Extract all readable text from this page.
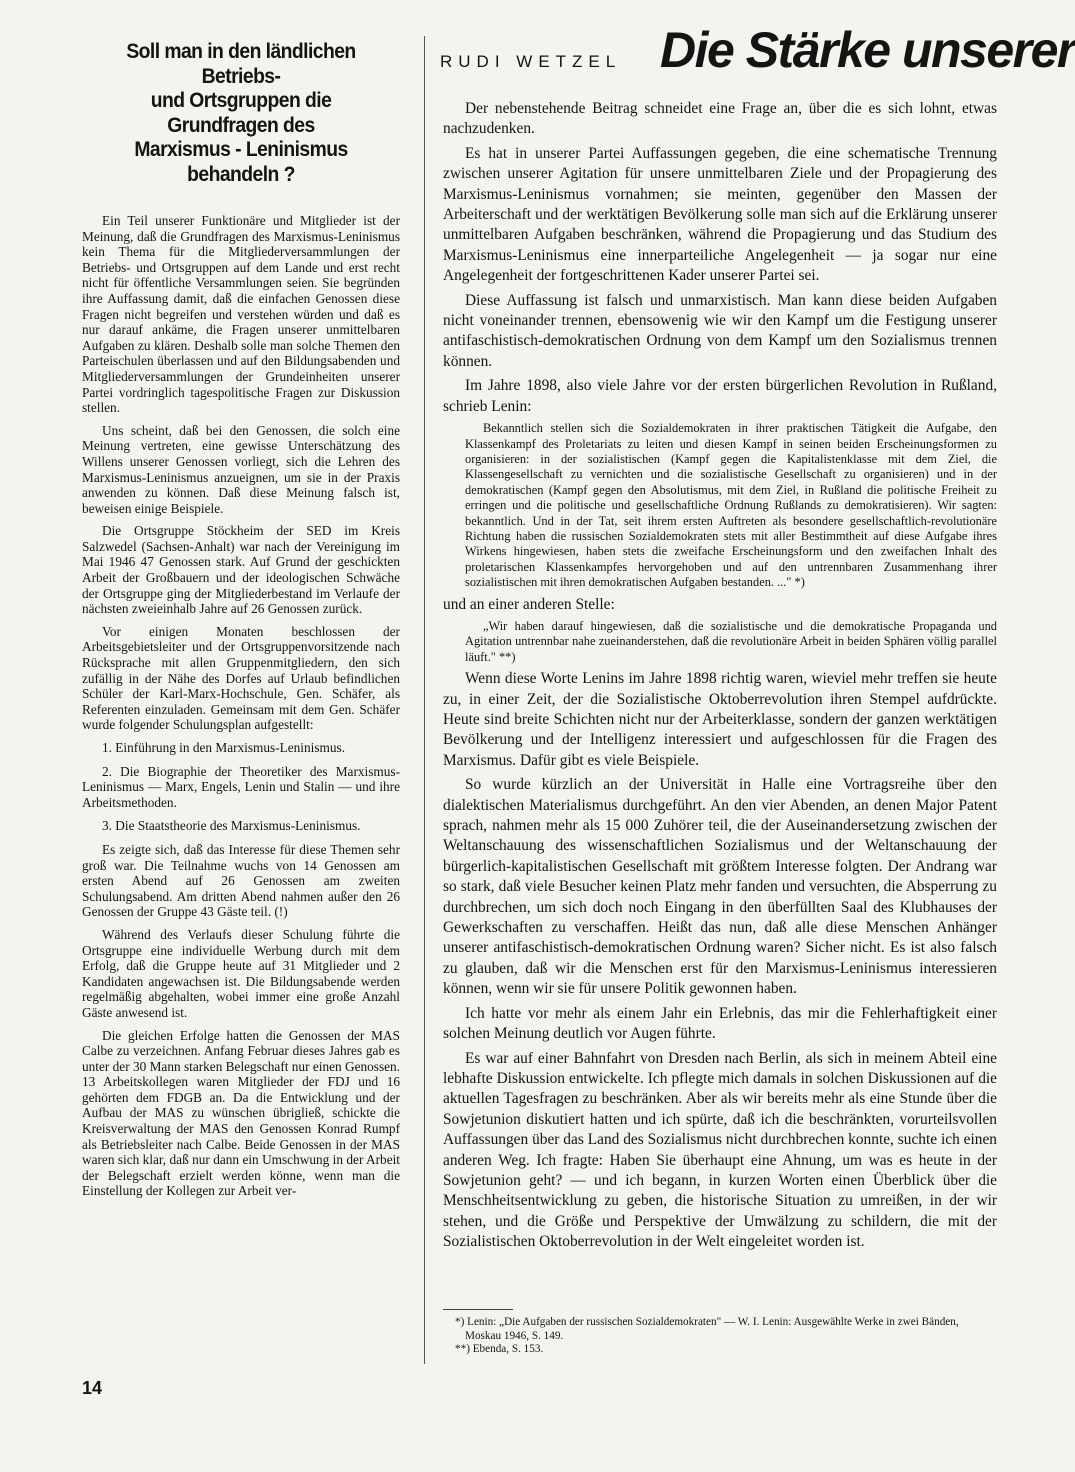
Soll man in den ländlichen Betriebs-
und Ortsgruppen die Grundfragen des
Marxismus - Leninismus behandeln ?

Ein Teil unserer Funktionäre und Mitglieder ist der Meinung, daß die Grundfragen des Marxismus-Leninismus kein Thema für die Mitgliederversammlungen der Betriebs- und Ortsgruppen auf dem Lande und erst recht nicht für öffentliche Versammlungen seien. Sie begründen ihre Auffassung damit, daß die einfachen Genossen diese Fragen nicht begreifen und verstehen würden und daß es nur darauf ankäme, die Fragen unserer unmittelbaren Aufgaben zu klären. Deshalb solle man solche Themen den Parteischulen überlassen und auf den Bildungsabenden und Mitgliederversammlungen der Grundeinheiten unserer Partei vordringlich tagespolitische Fragen zur Diskussion stellen.

Uns scheint, daß bei den Genossen, die solch eine Meinung vertreten, eine gewisse Unterschätzung des Willens unserer Genossen vorliegt, sich die Lehren des Marxismus-Leninismus anzueignen, um sie in der Praxis anwenden zu können. Daß diese Meinung falsch ist, beweisen einige Beispiele.

Die Ortsgruppe Stöckheim der SED im Kreis Salzwedel (Sachsen-Anhalt) war nach der Vereinigung im Mai 1946 47 Genossen stark. Auf Grund der geschickten Arbeit der Großbauern und der ideologischen Schwäche der Ortsgruppe ging der Mitgliederbestand im Verlaufe der nächsten zweieinhalb Jahre auf 26 Genossen zurück.

Vor einigen Monaten beschlossen der Arbeitsgebietsleiter und der Ortsgruppenvorsitzende nach Rücksprache mit allen Gruppenmitgliedern, den sich zufällig in der Nähe des Dorfes auf Urlaub befindlichen Schüler der Karl-Marx-Hochschule, Gen. Schäfer, als Referenten einzuladen. Gemeinsam mit dem Gen. Schäfer wurde folgender Schulungsplan aufgestellt:

1. Einführung in den Marxismus-Leninismus.

2. Die Biographie der Theoretiker des Marxismus-Leninismus — Marx, Engels, Lenin und Stalin — und ihre Arbeitsmethoden.

3. Die Staatstheorie des Marxismus-Leninismus.

Es zeigte sich, daß das Interesse für diese Themen sehr groß war. Die Teilnahme wuchs von 14 Genossen am ersten Abend auf 26 Genossen am zweiten Schulungsabend. Am dritten Abend nahmen außer den 26 Genossen der Gruppe 43 Gäste teil. (!)

Während des Verlaufs dieser Schulung führte die Ortsgruppe eine individuelle Werbung durch mit dem Erfolg, daß die Gruppe heute auf 31 Mitglieder und 2 Kandidaten angewachsen ist. Die Bildungsabende werden regelmäßig abgehalten, wobei immer eine große Anzahl Gäste anwesend ist.

Die gleichen Erfolge hatten die Genossen der MAS Calbe zu verzeichnen. Anfang Februar dieses Jahres gab es unter der 30 Mann starken Belegschaft nur einen Genossen. 13 Arbeitskollegen waren Mitglieder der FDJ und 16 gehörten dem FDGB an. Da die Entwicklung und der Aufbau der MAS zu wünschen übrigließ, schickte die Kreisverwaltung der MAS den Genossen Konrad Rumpf als Betriebsleiter nach Calbe. Beide Genossen in der MAS waren sich klar, daß nur dann ein Umschwung in der Arbeit der Belegschaft erzielt werden könne, wenn man die Einstellung der Kollegen zur Arbeit ver-

RUDI WETZEL Die Stärke unserer

Der nebenstehende Beitrag schneidet eine Frage an, über die es sich lohnt, etwas nachzudenken.

Es hat in unserer Partei Auffassungen gegeben, die eine schematische Trennung zwischen unserer Agitation für unsere unmittelbaren Ziele und der Propagierung des Marxismus-Leninismus vornahmen; sie meinten, gegenüber den Massen der Arbeiterschaft und der werktätigen Bevölkerung solle man sich auf die Erklärung unserer unmittelbaren Aufgaben beschränken, während die Propagierung und das Studium des Marxismus-Leninismus eine innerparteiliche Angelegenheit — ja sogar nur eine Angelegenheit der fortgeschrittenen Kader unserer Partei sei.

Diese Auffassung ist falsch und unmarxistisch. Man kann diese beiden Aufgaben nicht voneinander trennen, ebensowenig wie wir den Kampf um die Festigung unserer antifaschistisch-demokratischen Ordnung von dem Kampf um den Sozialismus trennen können.

Im Jahre 1898, also viele Jahre vor der ersten bürgerlichen Revolution in Rußland, schrieb Lenin:

Bekanntlich stellen sich die Sozialdemokraten in ihrer praktischen Tätigkeit die Aufgabe, den Klassenkampf des Proletariats zu leiten und diesen Kampf in seinen beiden Erscheinungsformen zu organisieren: in der sozialistischen (Kampf gegen die Kapitalistenklasse mit dem Ziel, die Klassengesellschaft zu vernichten und die sozialistische Gesellschaft zu organisieren) und in der demokratischen (Kampf gegen den Absolutismus, mit dem Ziel, in Rußland die politische Freiheit zu erringen und die politische und gesellschaftliche Ordnung Rußlands zu demokratisieren). Wir sagten: bekanntlich. Und in der Tat, seit ihrem ersten Auftreten als besondere gesellschaftlich-revolutionäre Richtung haben die russischen Sozialdemokraten stets mit aller Bestimmtheit auf diese Aufgabe ihres Wirkens hingewiesen, haben stets die zweifache Erscheinungsform und den zweifachen Inhalt des proletarischen Klassenkampfes hervorgehoben und auf den untrennbaren Zusammenhang ihrer sozialistischen mit ihren demokratischen Aufgaben bestanden. ..." *)

und an einer anderen Stelle:

„Wir haben darauf hingewiesen, daß die sozialistische und die demokratische Propaganda und Agitation untrennbar nahe zueinanderstehen, daß die revolutionäre Arbeit in beiden Sphären völlig parallel läuft." **)

Wenn diese Worte Lenins im Jahre 1898 richtig waren, wieviel mehr treffen sie heute zu, in einer Zeit, der die Sozialistische Oktoberrevolution ihren Stempel aufdrückte. Heute sind breite Schichten nicht nur der Arbeiterklasse, sondern der ganzen werktätigen Bevölkerung und der Intelligenz interessiert und aufgeschlossen für die Fragen des Marxismus. Dafür gibt es viele Beispiele.

So wurde kürzlich an der Universität in Halle eine Vortragsreihe über den dialektischen Materialismus durchgeführt. An den vier Abenden, an denen Major Patent sprach, nahmen mehr als 15 000 Zuhörer teil, die der Auseinandersetzung zwischen der Weltanschauung des wissenschaftlichen Sozialismus und der Weltanschauung der bürgerlich-kapitalistischen Gesellschaft mit größtem Interesse folgten. Der Andrang war so stark, daß viele Besucher keinen Platz mehr fanden und versuchten, die Absperrung zu durchbrechen, um sich doch noch Eingang in den überfüllten Saal des Klubhauses der Gewerkschaften zu verschaffen. Heißt das nun, daß alle diese Menschen Anhänger unserer antifaschistisch-demokratischen Ordnung waren? Sicher nicht. Es ist also falsch zu glauben, daß wir die Menschen erst für den Marxismus-Leninismus interessieren können, wenn wir sie für unsere Politik gewonnen haben.

Ich hatte vor mehr als einem Jahr ein Erlebnis, das mir die Fehlerhaftigkeit einer solchen Meinung deutlich vor Augen führte.

Es war auf einer Bahnfahrt von Dresden nach Berlin, als sich in meinem Abteil eine lebhafte Diskussion entwickelte. Ich pflegte mich damals in solchen Diskussionen auf die aktuellen Tagesfragen zu beschränken. Aber als wir bereits mehr als eine Stunde über die Sowjetunion diskutiert hatten und ich spürte, daß ich die beschränkten, vorurteilsvollen Auffassungen über das Land des Sozialismus nicht durchbrechen konnte, suchte ich einen anderen Weg. Ich fragte: Haben Sie überhaupt eine Ahnung, um was es heute in der Sowjetunion geht? — und ich begann, in kurzen Worten einen Überblick über die Menschheitsentwicklung zu geben, die historische Situation zu umreißen, in der wir stehen, und die Größe und Perspektive der Umwälzung zu schildern, die mit der Sozialistischen Oktoberrevolution in der Welt eingeleitet worden ist.

*) Lenin: „Die Aufgaben der russischen Sozialdemokraten" — W. I. Lenin: Ausgewählte Werke in zwei Bänden, Moskau 1946, S. 149.

**) Ebenda, S. 153.

14
